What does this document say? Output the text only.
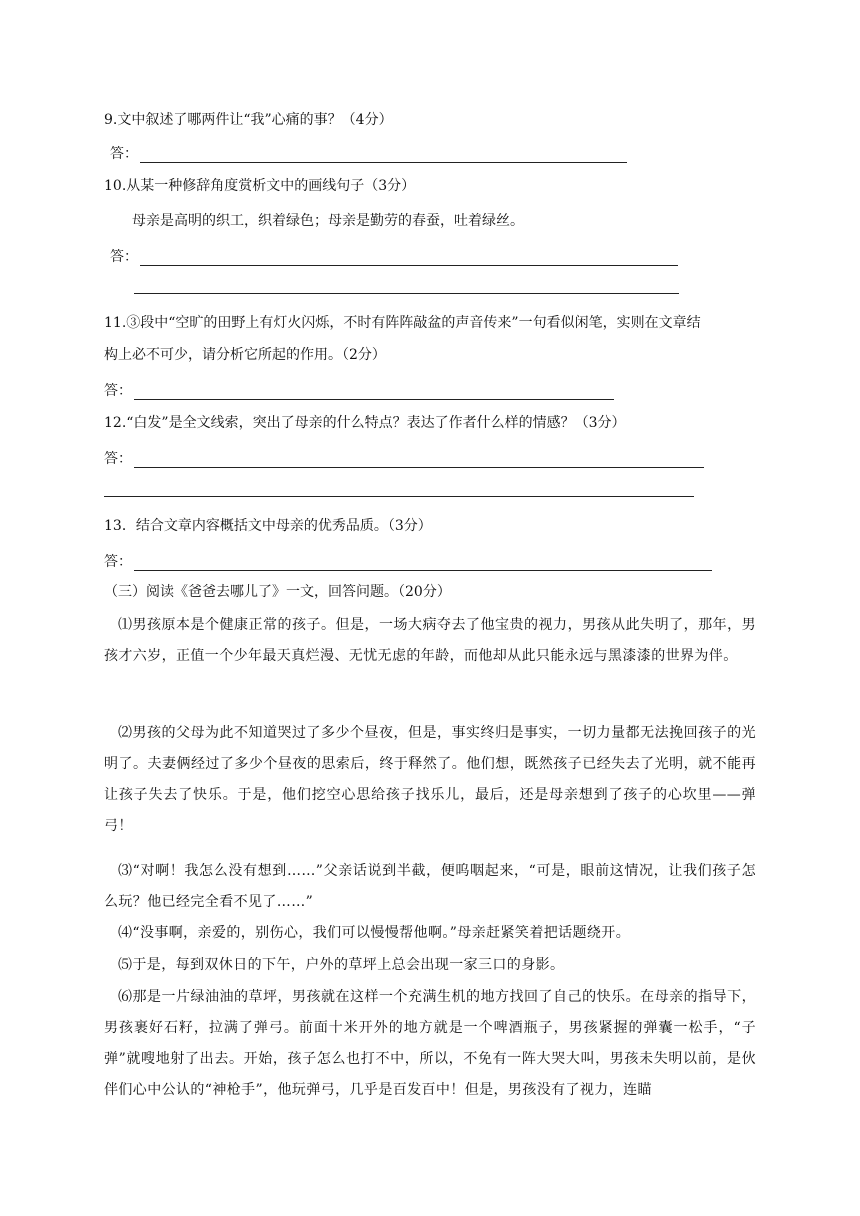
9.文中叙述了哪两件让“我”心痛的事？（4分）
答：
10.从某一种修辞角度赏析文中的画线句子（3分）
母亲是高明的织工，织着绿色；母亲是勤劳的春蚕，吐着绿丝。
答：
11.③段中“空旷的田野上有灯火闪烁，不时有阵阵敲盆的声音传来”一句看似闲笔，实则在文章结
构上必不可少，请分析它所起的作用。（2分）
答：
12.“白发”是全文线索，突出了母亲的什么特点？表达了作者什么样的情感？（3分）
答：
13．结合文章内容概括文中母亲的优秀品质。（3分）
答：
（三）阅读《爸爸去哪儿了》一文，回答问题。（20分）
⑴男孩原本是个健康正常的孩子。但是，一场大病夺去了他宝贵的视力，男孩从此失明了，那年，男孩才六岁，正值一个少年最天真烂漫、无忧无虑的年龄，而他却从此只能永远与黑漆漆的世界为伴。
⑵男孩的父母为此不知道哭过了多少个昼夜，但是，事实终归是事实，一切力量都无法挽回孩子的光明了。夫妻俩经过了多少个昼夜的思索后，终于释然了。他们想，既然孩子已经失去了光明，就不能再让孩子失去了快乐。于是，他们挖空心思给孩子找乐儿，最后，还是母亲想到了孩子的心坎里——弹弓！
⑶“对啊！我怎么没有想到……”父亲话说到半截，便呜咽起来，“可是，眼前这情况，让我们孩子怎么玩？他已经完全看不见了……”
⑷“没事啊，亲爱的，别伤心，我们可以慢慢帮他啊。”母亲赶紧笑着把话题绕开。
⑸于是，每到双休日的下午，户外的草坪上总会出现一家三口的身影。
⑹那是一片绿油油的草坪，男孩就在这样一个充满生机的地方找回了自己的快乐。在母亲的指导下，男孩裹好石籽，拉满了弹弓。前面十米开外的地方就是一个啤酒瓶子，男孩紧握的弹囊一松手，“子弹”就嗖地射了出去。开始，孩子怎么也打不中，所以，不免有一阵大哭大叫，男孩未失明以前，是伙伴们心中公认的“神枪手”，他玩弹弓，几乎是百发百中！但是，男孩没有了视力，连瞄
